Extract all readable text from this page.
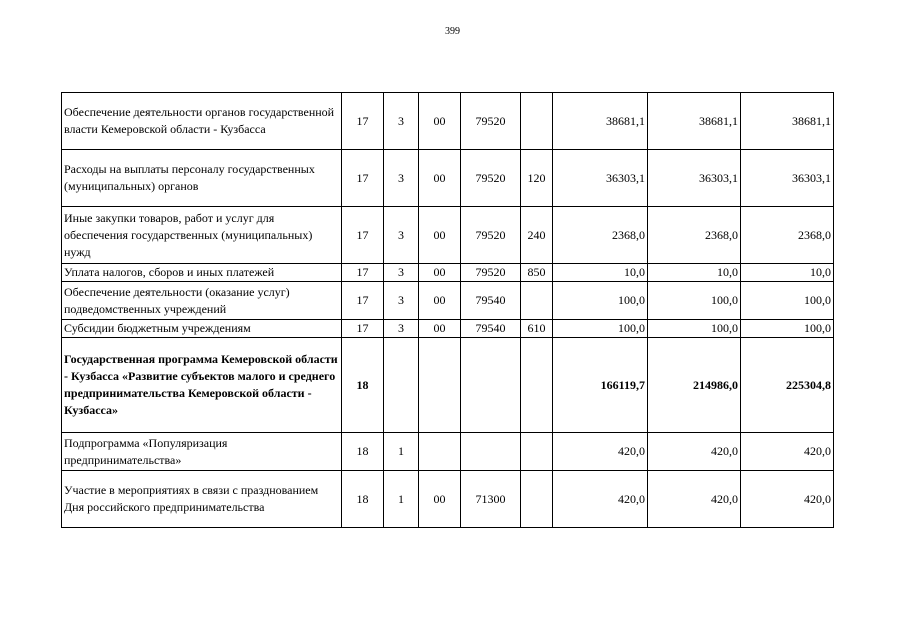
399
Обеспечение деятельности органов государственной власти Кемеровской области - Кузбасса	17	3	00	79520		38681,1	38681,1	38681,1
Расходы на выплаты персоналу государственных (муниципальных) органов	17	3	00	79520	120	36303,1	36303,1	36303,1
Иные закупки товаров, работ и услуг для обеспечения государственных (муниципальных) нужд	17	3	00	79520	240	2368,0	2368,0	2368,0
Уплата налогов, сборов и иных платежей	17	3	00	79520	850	10,0	10,0	10,0
Обеспечение деятельности (оказание услуг) подведомственных учреждений	17	3	00	79540		100,0	100,0	100,0
Субсидии бюджетным учреждениям	17	3	00	79540	610	100,0	100,0	100,0
Государственная программа Кемеровской области - Кузбасса «Развитие субъектов малого и среднего предпринимательства Кемеровской области - Кузбасса»	18					166119,7	214986,0	225304,8
Подпрограмма «Популяризация предпринимательства»	18	1				420,0	420,0	420,0
Участие в мероприятиях в связи с празднованием Дня российского предпринимательства	18	1	00	71300		420,0	420,0	420,0
